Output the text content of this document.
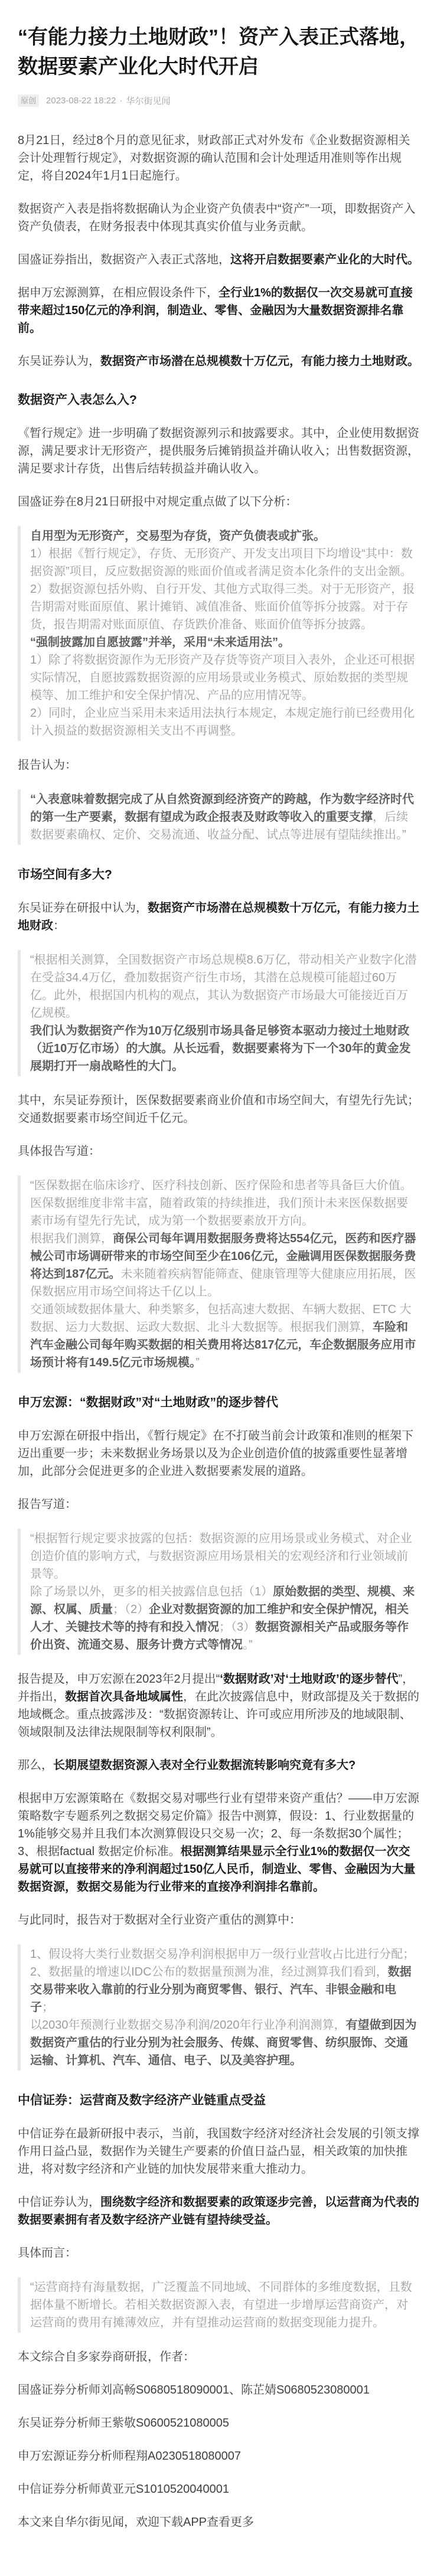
“有能力接力土地财政”！资产入表正式落地，数据要素产业化大时代开启
原创	2023-08-22 18:22 · 华尔街见闻

8月21日，经过8个月的意见征求，财政部正式对外发布《企业数据资源相关会计处理暂行规定》，对数据资源的确认范围和会计处理适用准则等作出规定，将自2024年1月1日起施行。

数据资产入表是指将数据确认为企业资产负债表中“资产”一项，即数据资产入资产负债表，在财务报表中体现其真实价值与业务贡献。

国盛证券指出，数据资产入表正式落地，这将开启数据要素产业化的大时代。

据申万宏源测算，在相应假设条件下，全行业1%的数据仅一次交易就可直接带来超过150亿元的净利润，制造业、零售、金融因为大量数据资源排名靠前。

东吴证券认为，数据资产市场潜在总规模数十万亿元，有能力接力土地财政。

数据资产入表怎么入?

《暂行规定》进一步明确了数据资源列示和披露要求。其中，企业使用数据资源，满足要求计无形资产，提供服务后摊销损益并确认收入；出售数据资源，满足要求计存货，出售后结转损益并确认收入。

国盛证券在8月21日研报中对规定重点做了以下分析：

自用型为无形资产，交易型为存货，资产负债表或扩张。
1）根据《暂行规定》，存货、无形资产、开发支出项目下均增设“其中：数据资源”项目，反应数据资源的账面价值或者满足资本化条件的支出金额。
2）数据资源包括外购、自行开发、其他方式取得三类。对于无形资产，报告期需对账面原值、累计摊销、减值准备、账面价值等拆分披露。对于存货，报告期需对账面原值、存货跌价准备、账面价值等拆分披露。
“强制披露加自愿披露”并举，采用“未来适用法”。
1）除了将数据资源作为无形资产及存货等资产项目入表外，企业还可根据实际情况，自愿披露数据资源的应用场景或业务模式、原始数据的类型规模等、加工维护和安全保护情况、产品的应用情况等。
2）同时，企业应当采用未来适用法执行本规定，本规定施行前已经费用化计入损益的数据资源相关支出不再调整。

报告认为：

“入表意味着数据完成了从自然资源到经济资产的跨越，作为数字经济时代的第一生产要素，数据有望成为政企报表及财政等收入的重要支撑，后续数据要素确权、定价、交易流通、收益分配、试点等进展有望陆续推出。”
市场空间有多大?

东吴证券在研报中认为，数据资产市场潜在总规模数十万亿元，有能力接力土地财政：

“根据相关测算，全国数据资产市场总规模8.6万亿，带动相关产业数字化潜在受益34.4万亿，叠加数据资产衍生市场，其潜在总规模可能超过60万亿。此外，根据国内机构的观点，其认为数据资产市场最大可能接近百万亿规模。
我们认为数据资产作为10万亿级别市场具备足够资本驱动力接过土地财政（近10万亿市场）的大旗。从长远看，数据要素将为下一个30年的黄金发展期打开一扇战略性的大门。

其中，东吴证券预计，医保数据要素商业价值和市场空间大，有望先行先试；交通数据要素市场空间近千亿元。

具体报告写道：

“医保数据在临床诊疗、医疗科技创新、医疗保险和患者等具备巨大价值。医保数据维度非常丰富，随着政策的持续推进，我们预计未来医保数据要素市场有望先行先试，成为第一个数据要素放开方向。
根据我们测算，商保公司每年调用数据服务费将达554亿元，医药和医疗器械公司市场调研带来的市场空间至少在106亿元，金融调用医保数据服务费将达到187亿元。未来随着疾病智能筛查、健康管理等大健康应用拓展，医保数据应用市场空间将达千亿以上。
交通领域数据体量大、种类繁多，包括高速大数据、车辆大数据、ETC 大数据、运力大数据、运政大数据、北斗大数据等。根据我们测算，车险和汽车金融公司每年购买数据的相关费用将达817亿元，车企数据服务应用市场预计将有149.5亿元市场规模。”
申万宏源：“数据财政”对“土地财政”的逐步替代

申万宏源在研报中指出，《暂行规定》在不打破当前会计政策和准则的框架下迈出重要一步；未来数据业务场景以及为企业创造价值的披露重要性显著增加，此部分会促进更多的企业进入数据要素发展的道路。

报告写道：

“根据暂行规定要求披露的包括：数据资源的应用场景或业务模式、对企业创造价值的影响方式，与数据资源应用场景相关的宏观经济和行业领域前景等。
除了场景以外，更多的相关披露信息包括（1）原始数据的类型、规模、来源、权属、质量；（2）企业对数据资源的加工维护和安全保护情况，相关人才、关键技术等的持有和投入情况；（3）数据资源相关产品或服务等作价出资、流通交易、服务计费方式等情况。”

报告提及，申万宏源在2023年2月提出“‘数据财政’对‘土地财政’的逐步替代”，并指出，数据首次具备地域属性，在此次披露信息中，财政部提及关于数据的地域概念。重点披露涉及：“数据资源转让、许可或应用所涉及的地域限制、领域限制及法律法规限制等权利限制”。

那么，长期展望数据资源入表对全行业数据流转影响究竟有多大?

根据申万宏源策略在《数据交易对哪些行业有望带来资产重估？——申万宏源策略数字专题系列之数据交易定价篇》报告中测算，假设：1、行业数据量的1%能够交易并且我们本次测算假设只交易一次；2、每一条数据30个属性；3、根据factual 数据定价标准。根据测算结果显示全行业1%的数据仅一次交易就可以直接带来的净利润超过150亿人民币，制造业、零售、金融因为大量数据资源，数据交易能为行业带来的直接净利润排名靠前。

与此同时，报告对于数据对全行业资产重估的测算中：

1、假设将大类行业数据交易净利润根据申万一级行业营收占比进行分配；2、数据量的增速以IDC公布的数据量预测为准，经过测算我们看到，数据交易带来收入靠前的行业分别为商贸零售、银行、汽车、非银金融和电子；
以2030年预测行业数据交易净利润/2020年行业净利润测算，有望做到因为数据资产重估的行业分别为社会服务、传媒、商贸零售、纺织服饰、交通运输、计算机、汽车、通信、电子、以及美容护理。
中信证券：运营商及数字经济产业链重点受益

中信证券在最新研报中表示，当前，我国数字经济对经济社会发展的引领支撑作用日益凸显，数据作为关键生产要素的价值日益凸显，相关政策的加快推进，将对数字经济和产业链的加快发展带来重大推动力。

中信证券认为，围绕数字经济和数据要素的政策逐步完善，以运营商为代表的数据要素拥有者及数字经济产业链有望持续受益。

具体而言：

“运营商持有海量数据，广泛覆盖不同地域、不同群体的多维度数据，且数据体量不断增长。若相关数据资源入表，有望进一步增厚运营商资产，对运营商的费用有摊薄效应，并有望推动运营商的数据变现能力提升。

本文综合自多家券商研报，作者：

国盛证券分析师刘高畅S0680518090001、陈芷婧S0680523080001

东吴证券分析师王紫敬S0600521080005

申万宏源证券分析师程翔A0230518080007

中信证券分析师黄亚元S1010520040001

本文来自华尔街见闻，欢迎下载APP查看更多
